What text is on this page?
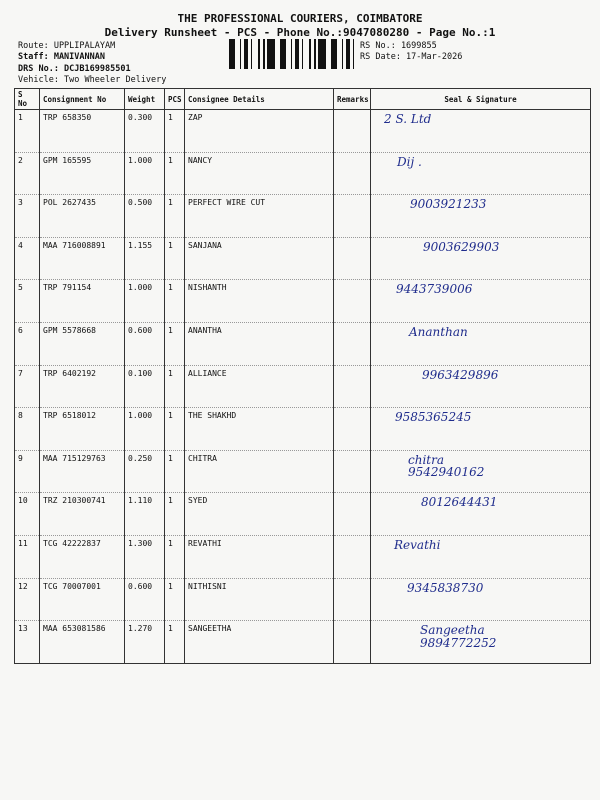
THE PROFESSIONAL COURIERS, COIMBATORE
Delivery Runsheet - PCS - Phone No.:9047080280 - Page No.:1
Route: UPPLIPALAYAM
Staff: MANIVANNAN
DRS No.: DCJB169985501
Vehicle: Two Wheeler Delivery
RS No.: 1699855
RS Date: 17-Mar-2026
S No	Consignment No	Weight	PCS	Consignee Details	Remarks	Seal & Signature
1	TRP 658350	0.300	1	ZAP		2 S. Ltd

2	GPM 165595	1.000	1	NANCY		Dij .

3	POL 2627435	0.500	1	PERFECT WIRE CUT		9003921233

4	MAA 716008891	1.155	1	SANJANA		9003629903

5	TRP 791154	1.000	1	NISHANTH		9443739006

6	GPM 5578668	0.600	1	ANANTHA		Ananthan

7	TRP 6402192	0.100	1	ALLIANCE		9963429896

8	TRP 6518012	1.000	1	THE SHAKHD		9585365245

9	MAA 715129763	0.250	1	CHITRA		chitra
9542940162

10	TRZ 210300741	1.110	1	SYED		8012644431

11	TCG 42222837	1.300	1	REVATHI		Revathi

12	TCG 70007001	0.600	1	NITHISNI		9345838730

13	MAA 653081586	1.270	1	SANGEETHA		Sangeetha
9894772252
